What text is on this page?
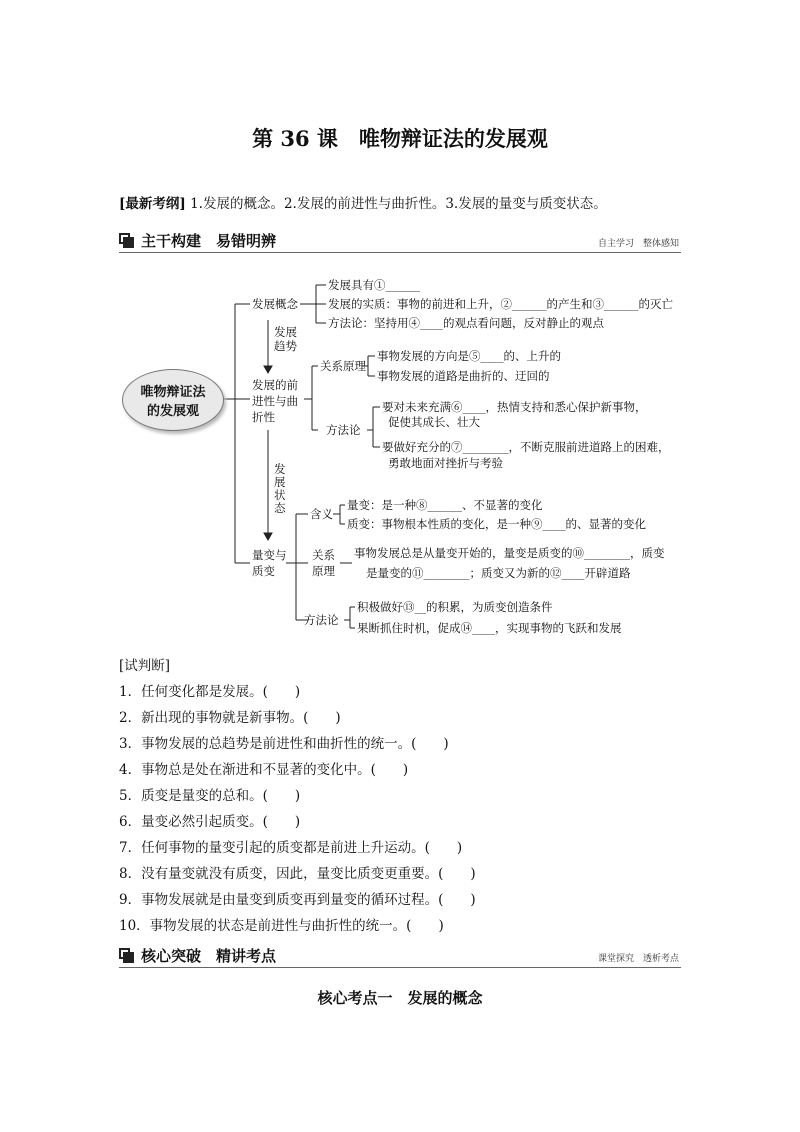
第 36 课　唯物辩证法的发展观
[最新考纲] 1.发展的概念。2.发展的前进性与曲折性。3.发展的量变与质变状态。
主干构建　易错明辨	自主学习　整体感知
唯物辩证法
的发展观
发展概念
发展具有①______
发展的实质：事物的前进和上升，②______的产生和③______的灭亡
方法论：坚持用④____的观点看问题，反对静止的观点
发展
趋势
发展的前
进性与曲
折性
关系原理
事物发展的方向是⑤____的、上升的
事物发展的道路是曲折的、迂回的
方法论
要对未来充满⑥____，热情支持和悉心保护新事物，
促使其成长、壮大
要做好充分的⑦________，不断克服前进道路上的困难，
勇敢地面对挫折与考验
发
展
状
态
量变与
质变
含义
量变：是一种⑧______、不显著的变化
质变：事物根本性质的变化，是一种⑨____的、显著的变化
关系
原理
事物发展总是从量变开始的，量变是质变的⑩________，质变
是量变的⑪________；质变又为新的⑫____开辟道路
方法论
积极做好⑬__的积累，为质变创造条件
果断抓住时机，促成⑭____，实现事物的飞跃和发展
[试判断]
1．任何变化都是发展。(　　)
2．新出现的事物就是新事物。(　　)
3．事物发展的总趋势是前进性和曲折性的统一。(　　)
4．事物总是处在渐进和不显著的变化中。(　　)
5．质变是量变的总和。(　　)
6．量变必然引起质变。(　　)
7．任何事物的量变引起的质变都是前进上升运动。(　　)
8．没有量变就没有质变，因此，量变比质变更重要。(　　)
9．事物发展就是由量变到质变再到量变的循环过程。(　　)
10．事物发展的状态是前进性与曲折性的统一。(　　)
核心突破　精讲考点	课堂探究　透析考点
核心考点一　发展的概念
